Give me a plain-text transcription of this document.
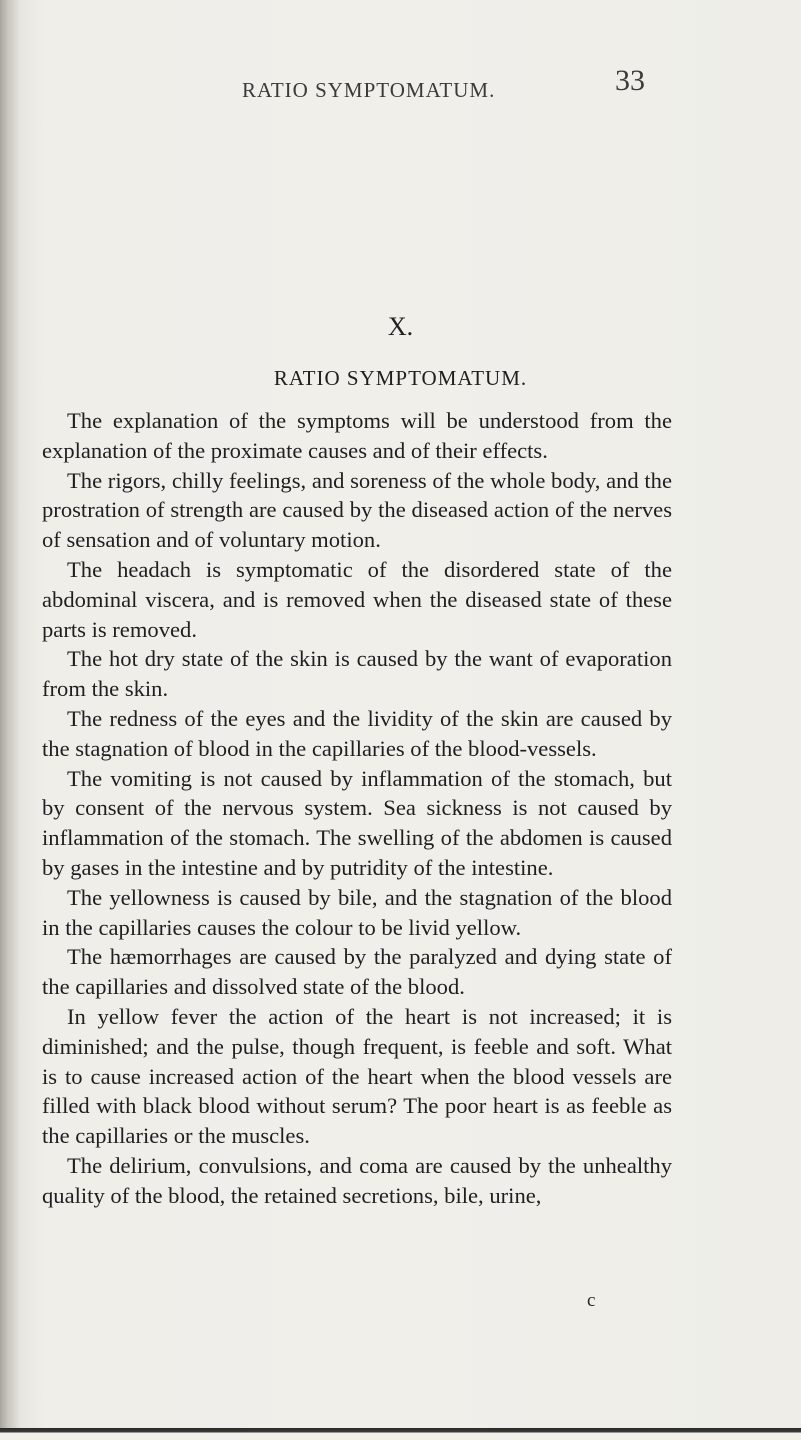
RATIO SYMPTOMATUM.	33
X.
RATIO SYMPTOMATUM.

The explanation of the symptoms will be understood from the explanation of the proximate causes and of their effects.

The rigors, chilly feelings, and soreness of the whole body, and the prostration of strength are caused by the diseased action of the nerves of sensation and of voluntary motion.

The headach is symptomatic of the disordered state of the abdominal viscera, and is removed when the diseased state of these parts is removed.

The hot dry state of the skin is caused by the want of evaporation from the skin.

The redness of the eyes and the lividity of the skin are caused by the stagnation of blood in the capillaries of the blood-vessels.

The vomiting is not caused by inflammation of the stomach, but by consent of the nervous system. Sea sickness is not caused by inflammation of the stomach. The swelling of the abdomen is caused by gases in the intestine and by putridity of the intestine.

The yellowness is caused by bile, and the stagnation of the blood in the capillaries causes the colour to be livid yellow.

The hæmorrhages are caused by the paralyzed and dying state of the capillaries and dissolved state of the blood.

In yellow fever the action of the heart is not increased; it is diminished; and the pulse, though frequent, is feeble and soft. What is to cause increased action of the heart when the blood vessels are filled with black blood without serum? The poor heart is as feeble as the capillaries or the muscles.

The delirium, convulsions, and coma are caused by the unhealthy quality of the blood, the retained secretions, bile, urine,

c
